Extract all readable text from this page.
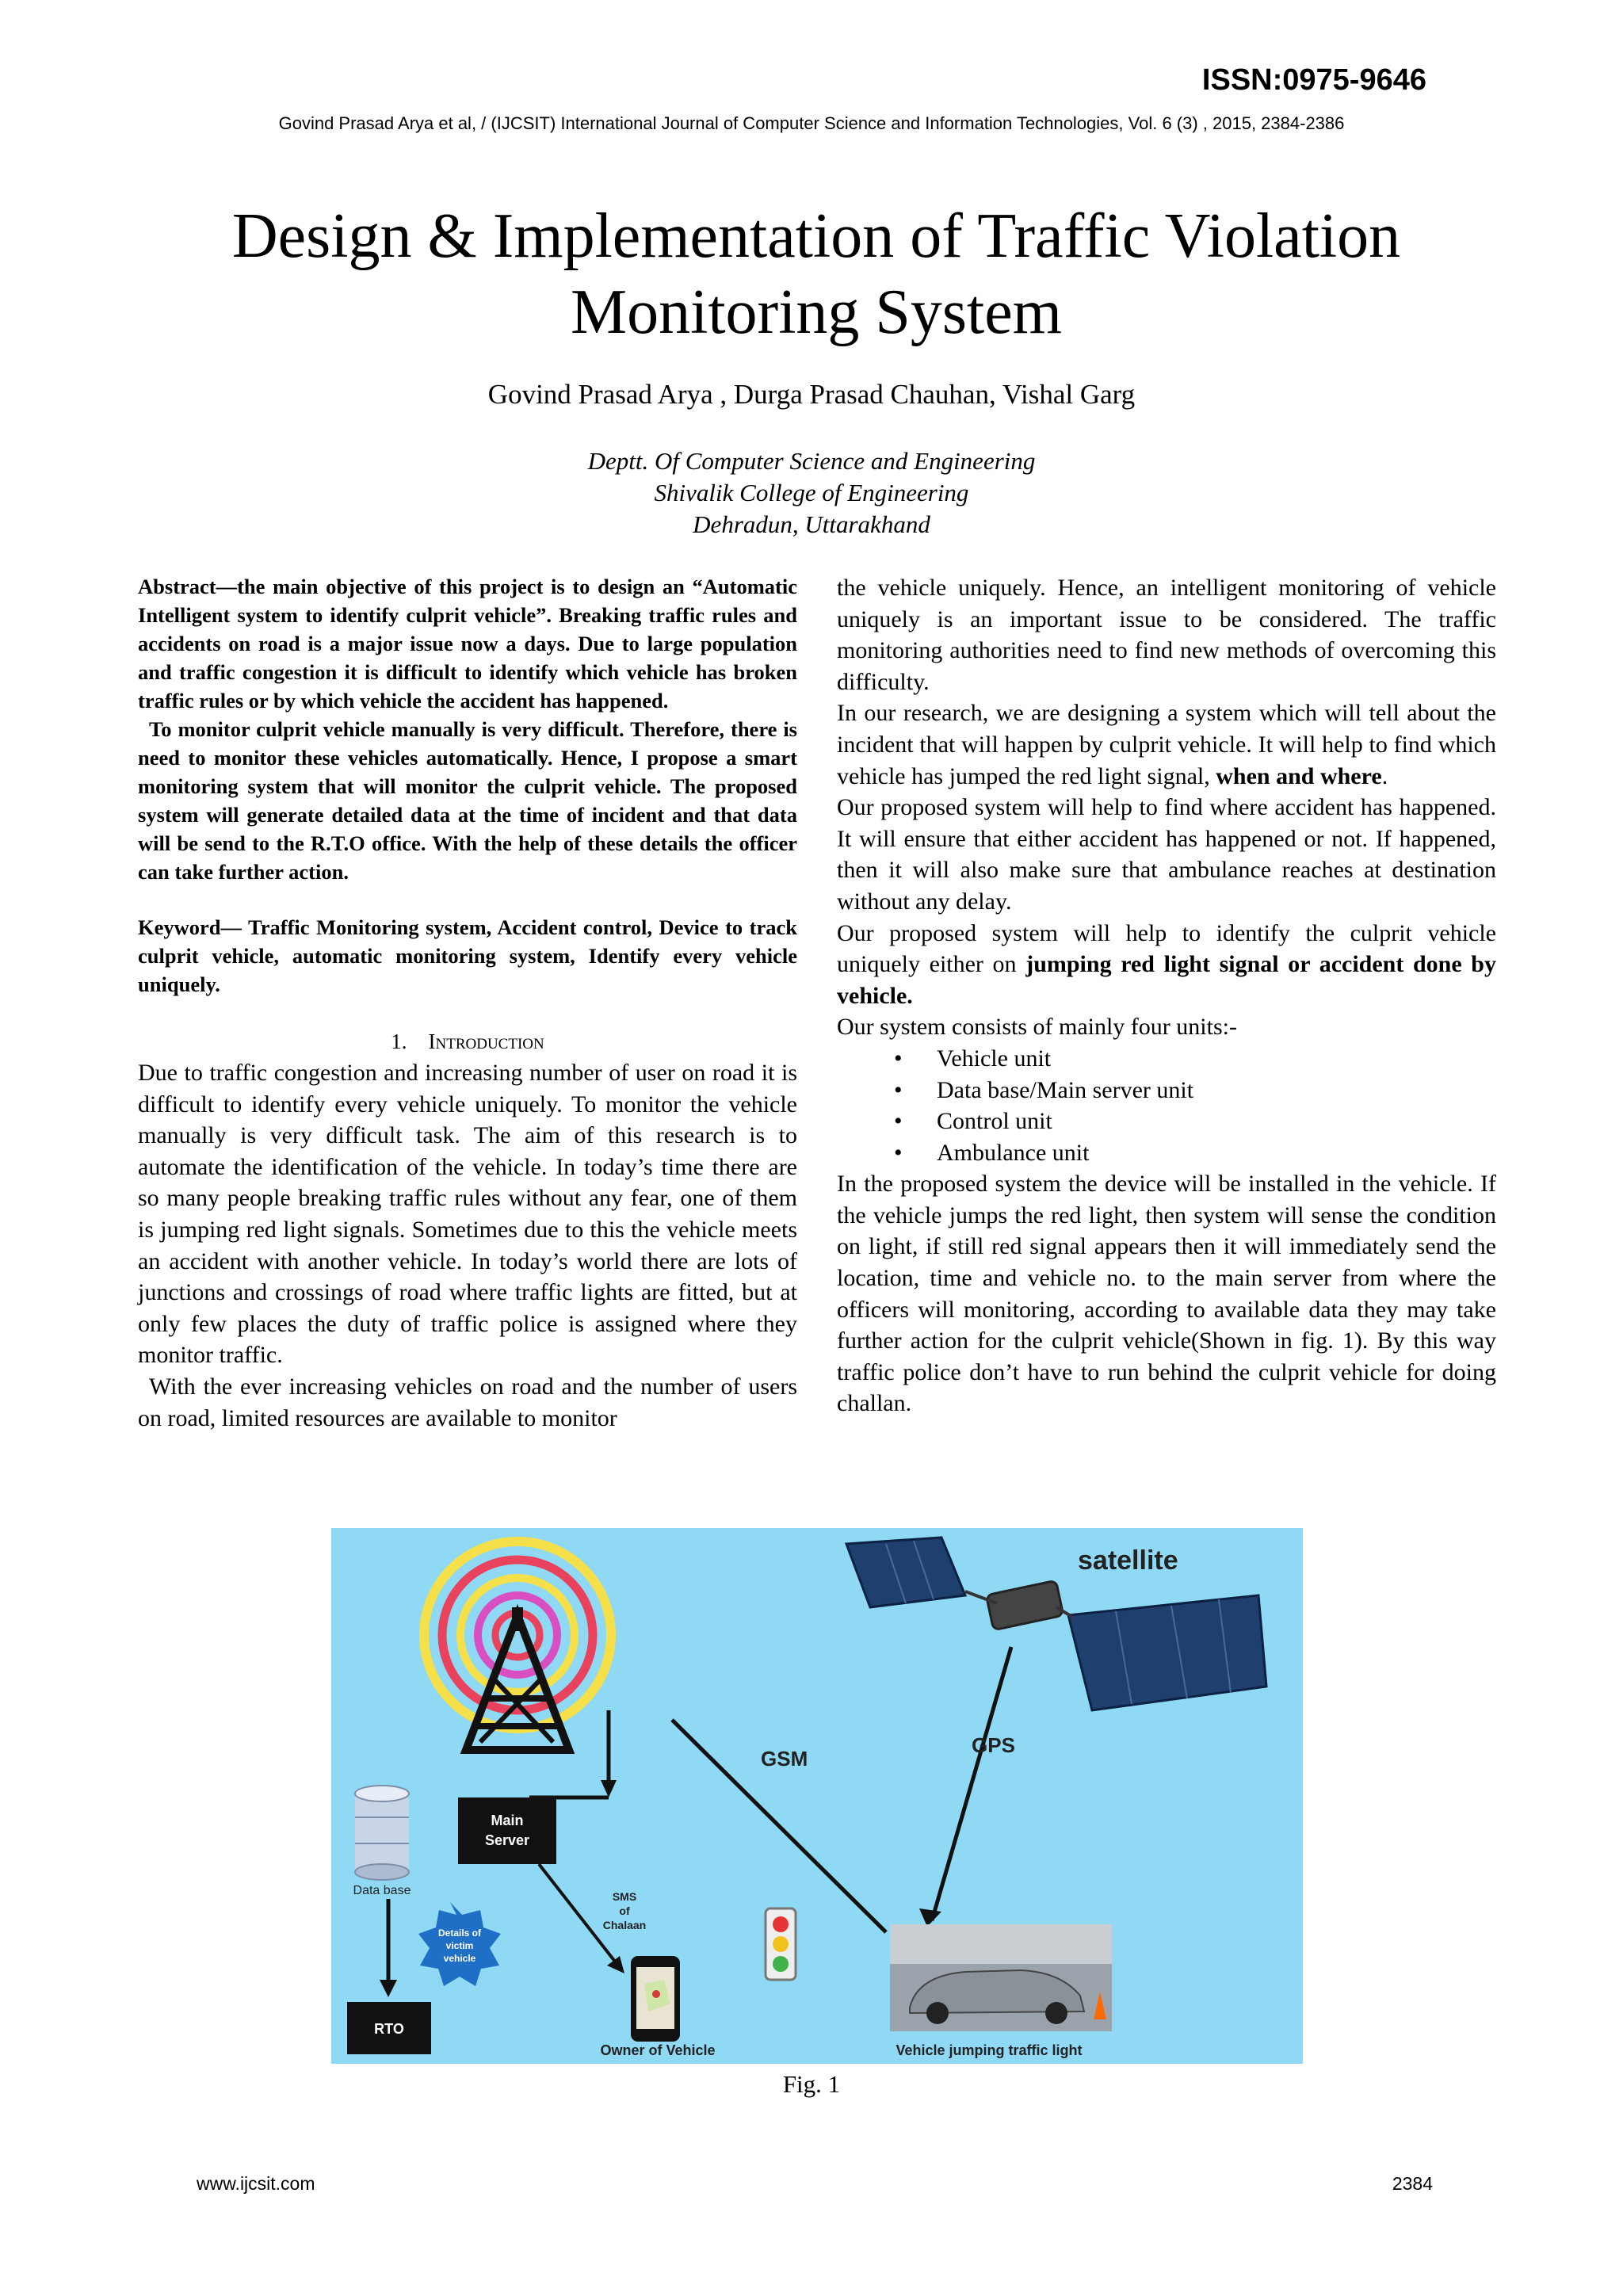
ISSN:0975-9646
Govind Prasad Arya et al, / (IJCSIT) International Journal of Computer Science and Information Technologies, Vol. 6 (3) , 2015, 2384-2386
Design & Implementation of Traffic Violation Monitoring System
Govind Prasad Arya , Durga Prasad Chauhan, Vishal Garg
Deptt. Of Computer Science and Engineering
Shivalik College of Engineering
Dehradun, Uttarakhand

Abstract—the main objective of this project is to design an “Automatic Intelligent system to identify culprit vehicle”. Breaking traffic rules and accidents on road is a major issue now a days. Due to large population and traffic congestion it is difficult to identify which vehicle has broken traffic rules or by which vehicle the accident has happened.

To monitor culprit vehicle manually is very difficult. Therefore, there is need to monitor these vehicles automatically. Hence, I propose a smart monitoring system that will monitor the culprit vehicle. The proposed system will generate detailed data at the time of incident and that data will be send to the R.T.O office. With the help of these details the officer can take further action.

Keyword— Traffic Monitoring system, Accident control, Device to track culprit vehicle, automatic monitoring system, Identify every vehicle uniquely.
1. Introduction

Due to traffic congestion and increasing number of user on road it is difficult to identify every vehicle uniquely. To monitor the vehicle manually is very difficult task. The aim of this research is to automate the identification of the vehicle. In today’s time there are so many people breaking traffic rules without any fear, one of them is jumping red light signals. Sometimes due to this the vehicle meets an accident with another vehicle. In today’s world there are lots of junctions and crossings of road where traffic lights are fitted, but at only few places the duty of traffic police is assigned where they monitor traffic.

With the ever increasing vehicles on road and the number of users on road, limited resources are available to monitor

the vehicle uniquely. Hence, an intelligent monitoring of vehicle uniquely is an important issue to be considered. The traffic monitoring authorities need to find new methods of overcoming this difficulty.

In our research, we are designing a system which will tell about the incident that will happen by culprit vehicle. It will help to find which vehicle has jumped the red light signal, when and where.

Our proposed system will help to find where accident has happened. It will ensure that either accident has happened or not. If happened, then it will also make sure that ambulance reaches at destination without any delay.

Our proposed system will help to identify the culprit vehicle uniquely either on jumping red light signal or accident done by vehicle.

Our system consists of mainly four units:-

• Vehicle unit
• Data base/Main server unit
• Control unit
• Ambulance unit

In the proposed system the device will be installed in the vehicle. If the vehicle jumps the red light, then system will sense the condition on light, if still red signal appears then it will immediately send the location, time and vehicle no. to the main server from where the officers will monitoring, according to available data they may take further action for the culprit vehicle(Shown in fig. 1). By this way traffic police don’t have to run behind the culprit vehicle for doing challan.

satellite
GSM
GPS
Data base
Main
Server
SMS
of
Chalaan
Details of
victim
vehicle
RTO
Owner of Vehicle	Vehicle jumping traffic light
Fig. 1
www.ijcsit.com	2384
